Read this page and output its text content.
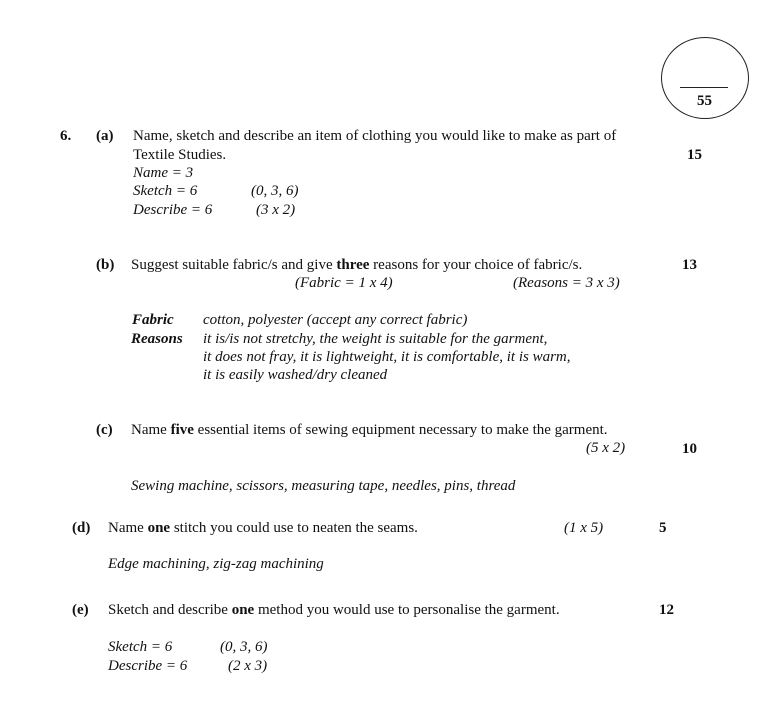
55
6. (a) Name, sketch and describe an item of clothing you would like to make as part of
Textile Studies.	15
Name = 3
Sketch = 6	(0, 3, 6)
Describe = 6	(3 x 2)
(b) Suggest suitable fabric/s and give three reasons for your choice of fabric/s.	13
(Fabric = 1 x 4)	(Reasons = 3 x 3)
Fabric cotton, polyester (accept any correct fabric)
Reasons it is/is not stretchy, the weight is suitable for the garment,
it does not fray, it is lightweight, it is comfortable, it is warm,
it is easily washed/dry cleaned
(c) Name five essential items of sewing equipment necessary to make the garment.
(5 x 2)	10
Sewing machine, scissors, measuring tape, needles, pins, thread
(d) Name one stitch you could use to neaten the seams.	(1 x 5)	5
Edge machining, zig-zag machining
(e) Sketch and describe one method you would use to personalise the garment.	12
Sketch = 6	(0, 3, 6)
Describe = 6	(2 x 3)
